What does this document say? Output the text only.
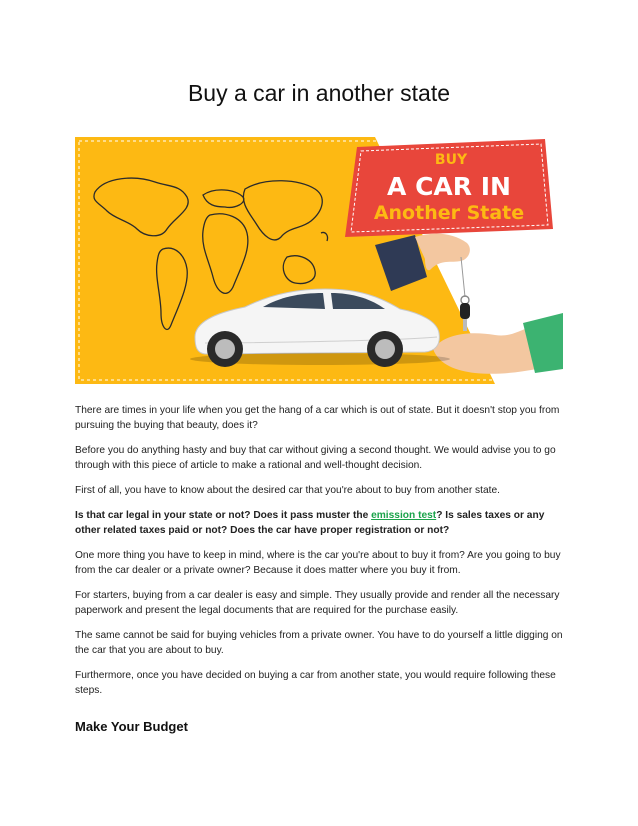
Buy a car in another state
BUY
A CAR IN
Another State

There are times in your life when you get the hang of a car which is out of state. But it doesn't stop you from pursuing the buying that beauty, does it?

Before you do anything hasty and buy that car without giving a second thought. We would advise you to go through with this piece of article to make a rational and well-thought decision.

First of all, you have to know about the desired car that you're about to buy from another state.

Is that car legal in your state or not? Does it pass muster the emission test? Is sales taxes or any other related taxes paid or not? Does the car have proper registration or not?

One more thing you have to keep in mind, where is the car you're about to buy it from? Are you going to buy from the car dealer or a private owner? Because it does matter where you buy it from.

For starters, buying from a car dealer is easy and simple. They usually provide and render all the necessary paperwork and present the legal documents that are required for the purchase easily.

The same cannot be said for buying vehicles from a private owner. You have to do yourself a little digging on the car that you are about to buy.

Furthermore, once you have decided on buying a car from another state, you would require following these steps.

Make Your Budget
